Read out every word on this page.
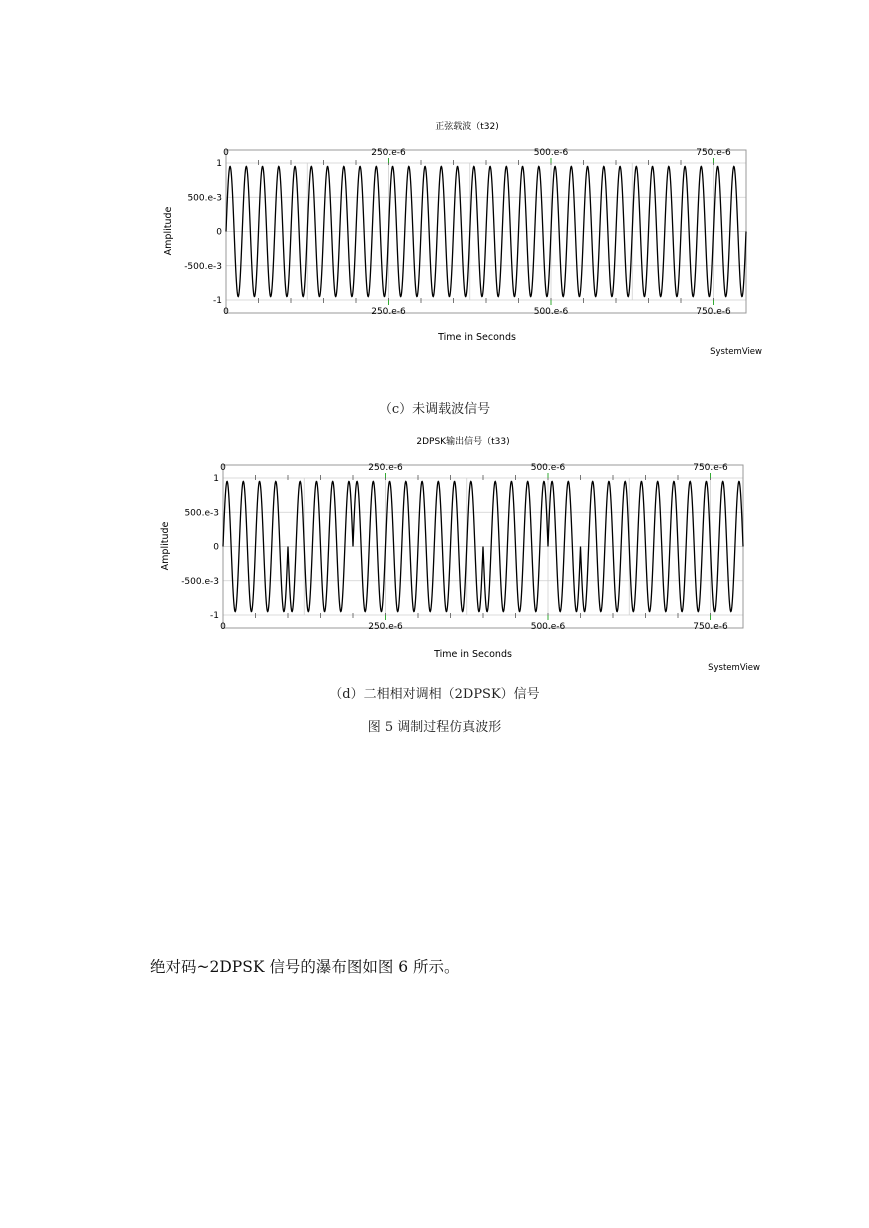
正弦载波（t32)
1
500.e-3
0
-500.e-3
-1
0	250.e-6	500.e-6	750.e-6
0	250.e-6	500.e-6	750.e-6
Time in Seconds
Amplitude
SystemView
（c）未调载波信号
2DPSK输出信号（t33)
1
500.e-3
0
-500.e-3
-1
0	250.e-6	500.e-6	750.e-6
0	250.e-6	500.e-6	750.e-6
Time in Seconds
Amplitude
SystemView
（d）二相相对调相（2DPSK）信号
图 5 调制过程仿真波形
绝对码~2DPSK 信号的瀑布图如图 6 所示。
